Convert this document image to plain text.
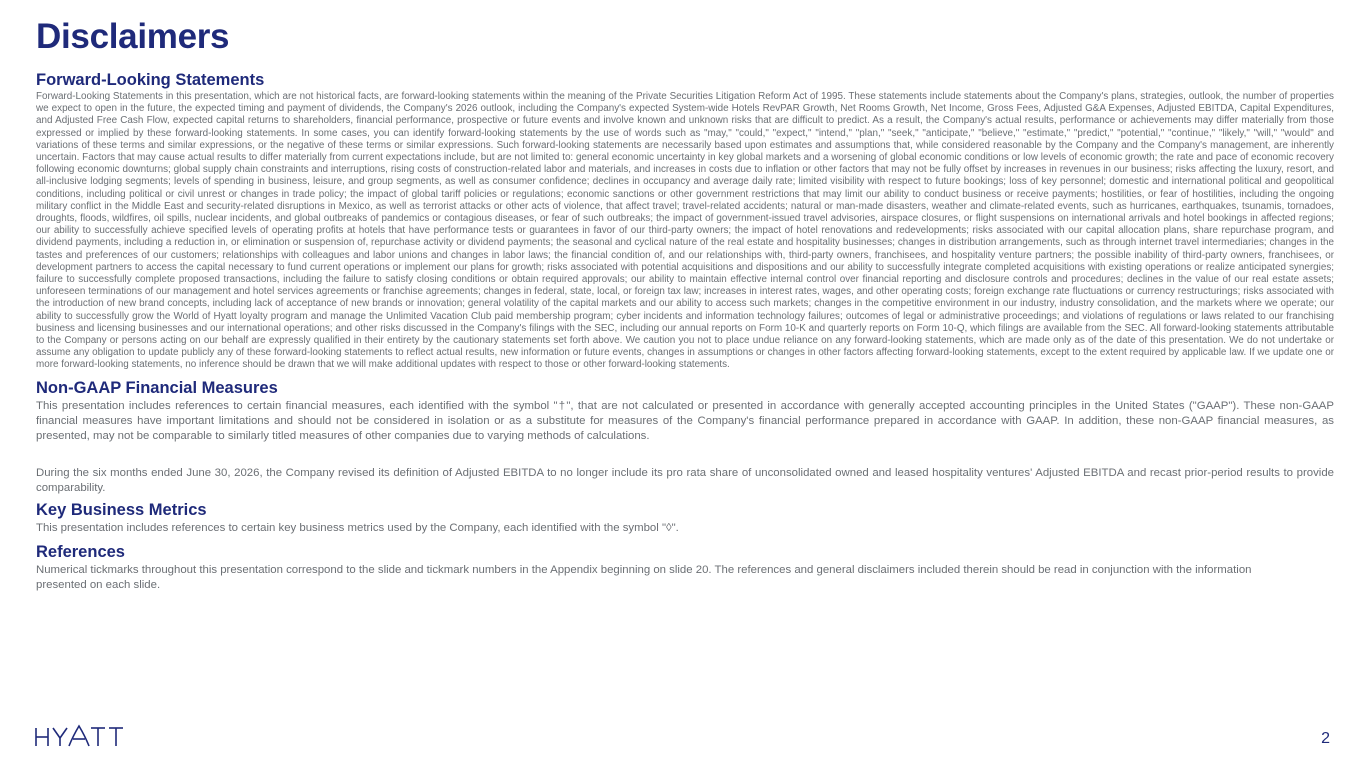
Disclaimers
Forward-Looking Statements

Forward-Looking Statements in this presentation, which are not historical facts, are forward-looking statements within the meaning of the Private Securities Litigation Reform Act of 1995. These statements include statements about the Company's plans, strategies, outlook, the number of properties we expect to open in the future, the expected timing and payment of dividends, the Company's 2026 outlook, including the Company's expected System-wide Hotels RevPAR Growth, Net Rooms Growth, Net Income, Gross Fees, Adjusted G&A Expenses, Adjusted EBITDA, Capital Expenditures, and Adjusted Free Cash Flow, expected capital returns to shareholders, financial performance, prospective or future events and involve known and unknown risks that are difficult to predict. As a result, the Company's actual results, performance or achievements may differ materially from those expressed or implied by these forward-looking statements. In some cases, you can identify forward-looking statements by the use of words such as "may," "could," "expect," "intend," "plan," "seek," "anticipate," "believe," "estimate," "predict," "potential," "continue," "likely," "will," "would" and variations of these terms and similar expressions, or the negative of these terms or similar expressions. Such forward-looking statements are necessarily based upon estimates and assumptions that, while considered reasonable by the Company and the Company's management, are inherently uncertain. Factors that may cause actual results to differ materially from current expectations include, but are not limited to: general economic uncertainty in key global markets and a worsening of global economic conditions or low levels of economic growth; the rate and pace of economic recovery following economic downturns; global supply chain constraints and interruptions, rising costs of construction-related labor and materials, and increases in costs due to inflation or other factors that may not be fully offset by increases in revenues in our business; risks affecting the luxury, resort, and all-inclusive lodging segments; levels of spending in business, leisure, and group segments, as well as consumer confidence; declines in occupancy and average daily rate; limited visibility with respect to future bookings; loss of key personnel; domestic and international political and geopolitical conditions, including political or civil unrest or changes in trade policy; the impact of global tariff policies or regulations; economic sanctions or other government restrictions that may limit our ability to conduct business or receive payments; hostilities, or fear of hostilities, including the ongoing military conflict in the Middle East and security-related disruptions in Mexico, as well as terrorist attacks or other acts of violence, that affect travel; travel-related accidents; natural or man-made disasters, weather and climate-related events, such as hurricanes, earthquakes, tsunamis, tornadoes, droughts, floods, wildfires, oil spills, nuclear incidents, and global outbreaks of pandemics or contagious diseases, or fear of such outbreaks; the impact of government-issued travel advisories, airspace closures, or flight suspensions on international arrivals and hotel bookings in affected regions; our ability to successfully achieve specified levels of operating profits at hotels that have performance tests or guarantees in favor of our third-party owners; the impact of hotel renovations and redevelopments; risks associated with our capital allocation plans, share repurchase program, and dividend payments, including a reduction in, or elimination or suspension of, repurchase activity or dividend payments; the seasonal and cyclical nature of the real estate and hospitality businesses; changes in distribution arrangements, such as through internet travel intermediaries; changes in the tastes and preferences of our customers; relationships with colleagues and labor unions and changes in labor laws; the financial condition of, and our relationships with, third-party owners, franchisees, and hospitality venture partners; the possible inability of third-party owners, franchisees, or development partners to access the capital necessary to fund current operations or implement our plans for growth; risks associated with potential acquisitions and dispositions and our ability to successfully integrate completed acquisitions with existing operations or realize anticipated synergies; failure to successfully complete proposed transactions, including the failure to satisfy closing conditions or obtain required approvals; our ability to maintain effective internal control over financial reporting and disclosure controls and procedures; declines in the value of our real estate assets; unforeseen terminations of our management and hotel services agreements or franchise agreements; changes in federal, state, local, or foreign tax law; increases in interest rates, wages, and other operating costs; foreign exchange rate fluctuations or currency restructurings; risks associated with the introduction of new brand concepts, including lack of acceptance of new brands or innovation; general volatility of the capital markets and our ability to access such markets; changes in the competitive environment in our industry, industry consolidation, and the markets where we operate; our ability to successfully grow the World of Hyatt loyalty program and manage the Unlimited Vacation Club paid membership program; cyber incidents and information technology failures; outcomes of legal or administrative proceedings; and violations of regulations or laws related to our franchising business and licensing businesses and our international operations; and other risks discussed in the Company's filings with the SEC, including our annual reports on Form 10-K and quarterly reports on Form 10-Q, which filings are available from the SEC. All forward-looking statements attributable to the Company or persons acting on our behalf are expressly qualified in their entirety by the cautionary statements set forth above. We caution you not to place undue reliance on any forward-looking statements, which are made only as of the date of this presentation. We do not undertake or assume any obligation to update publicly any of these forward-looking statements to reflect actual results, new information or future events, changes in assumptions or changes in other factors affecting forward-looking statements, except to the extent required by applicable law. If we update one or more forward-looking statements, no inference should be drawn that we will make additional updates with respect to those or other forward-looking statements.

Non-GAAP Financial Measures

This presentation includes references to certain financial measures, each identified with the symbol "†", that are not calculated or presented in accordance with generally accepted accounting principles in the United States ("GAAP"). These non-GAAP financial measures have important limitations and should not be considered in isolation or as a substitute for measures of the Company's financial performance prepared in accordance with GAAP. In addition, these non-GAAP financial measures, as presented, may not be comparable to similarly titled measures of other companies due to varying methods of calculations.

During the six months ended June 30, 2026, the Company revised its definition of Adjusted EBITDA to no longer include its pro rata share of unconsolidated owned and leased hospitality ventures' Adjusted EBITDA and recast prior-period results to provide comparability.

Key Business Metrics

This presentation includes references to certain key business metrics used by the Company, each identified with the symbol "◊".

References

Numerical tickmarks throughout this presentation correspond to the slide and tickmark numbers in the Appendix beginning on slide 20. The references and general disclaimers included therein should be read in conjunction with the information presented on each slide.

2
